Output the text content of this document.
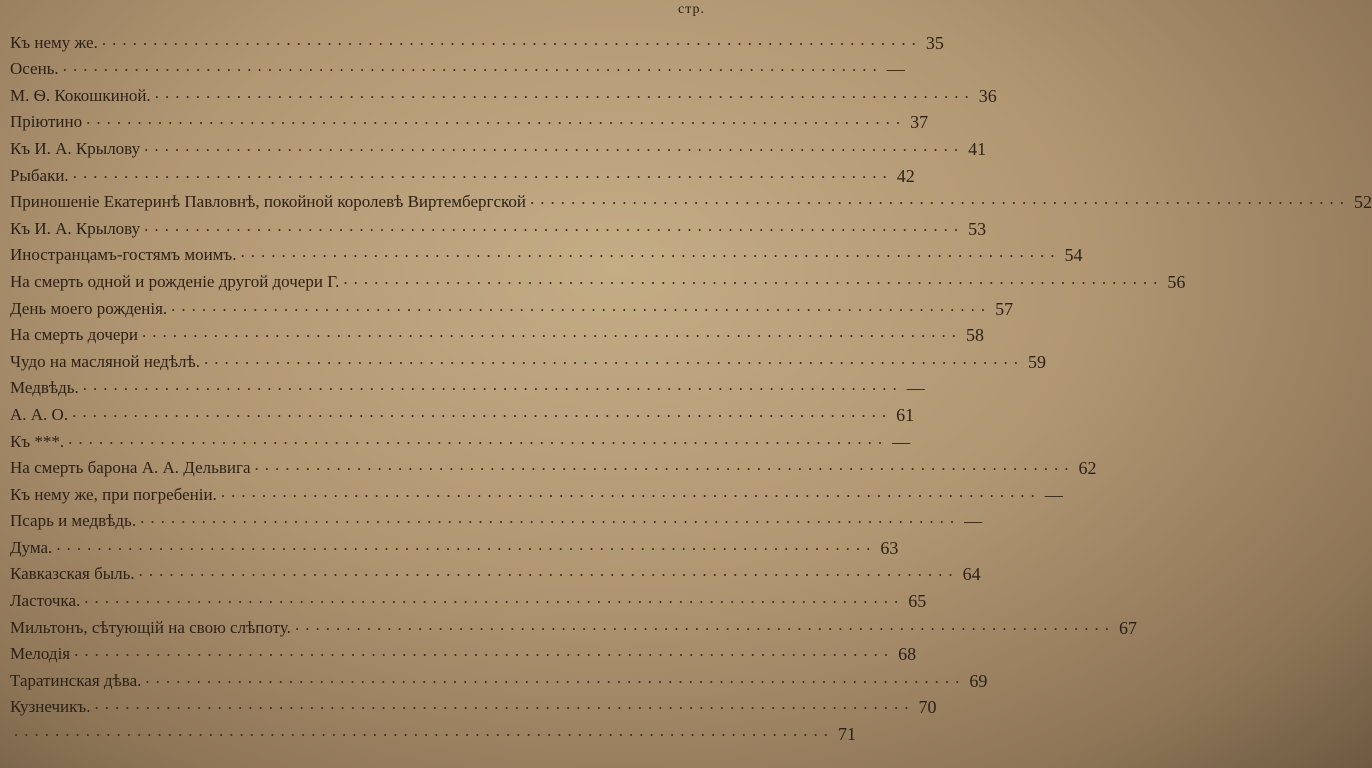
стр.
Къ нему же. ................................................................................ 35
Осень. ................................................................................ —
М. Ѳ. Кокошкиной. ................................................................................ 36
Пріютино ................................................................................ 37
Къ И. А. Крылову ................................................................................ 41
Рыбаки. ................................................................................ 42
Приношеніе Екатеринѣ Павловнѣ, покойной королевѣ Виртембергской ................................................................................ 52
Къ И. А. Крылову ................................................................................ 53
Иностранцамъ-гостямъ моимъ. ................................................................................ 54
На смерть одной и рожденіе другой дочери Г. ................................................................................ 56
День моего рожденія. ................................................................................ 57
На смерть дочери ................................................................................ 58
Чудо на масляной недѣлѣ. ................................................................................ 59
Медвѣдь. ................................................................................ —
А. А. О. ................................................................................ 61
Къ ***. ................................................................................ —
На смерть барона А. А. Дельвига ................................................................................ 62
Къ нему же, при погребеніи. ................................................................................ —
Псарь и медвѣдь. ................................................................................ —
Дума. ................................................................................ 63
Кавказская быль. ................................................................................ 64
Ласточка. ................................................................................ 65
Мильтонъ, сѣтующій на свою слѣпоту. ................................................................................ 67
Мелодія ................................................................................ 68
Таратинская дѣва. ................................................................................ 69
Кузнечикъ. ................................................................................ 70
................................................................................ 71
